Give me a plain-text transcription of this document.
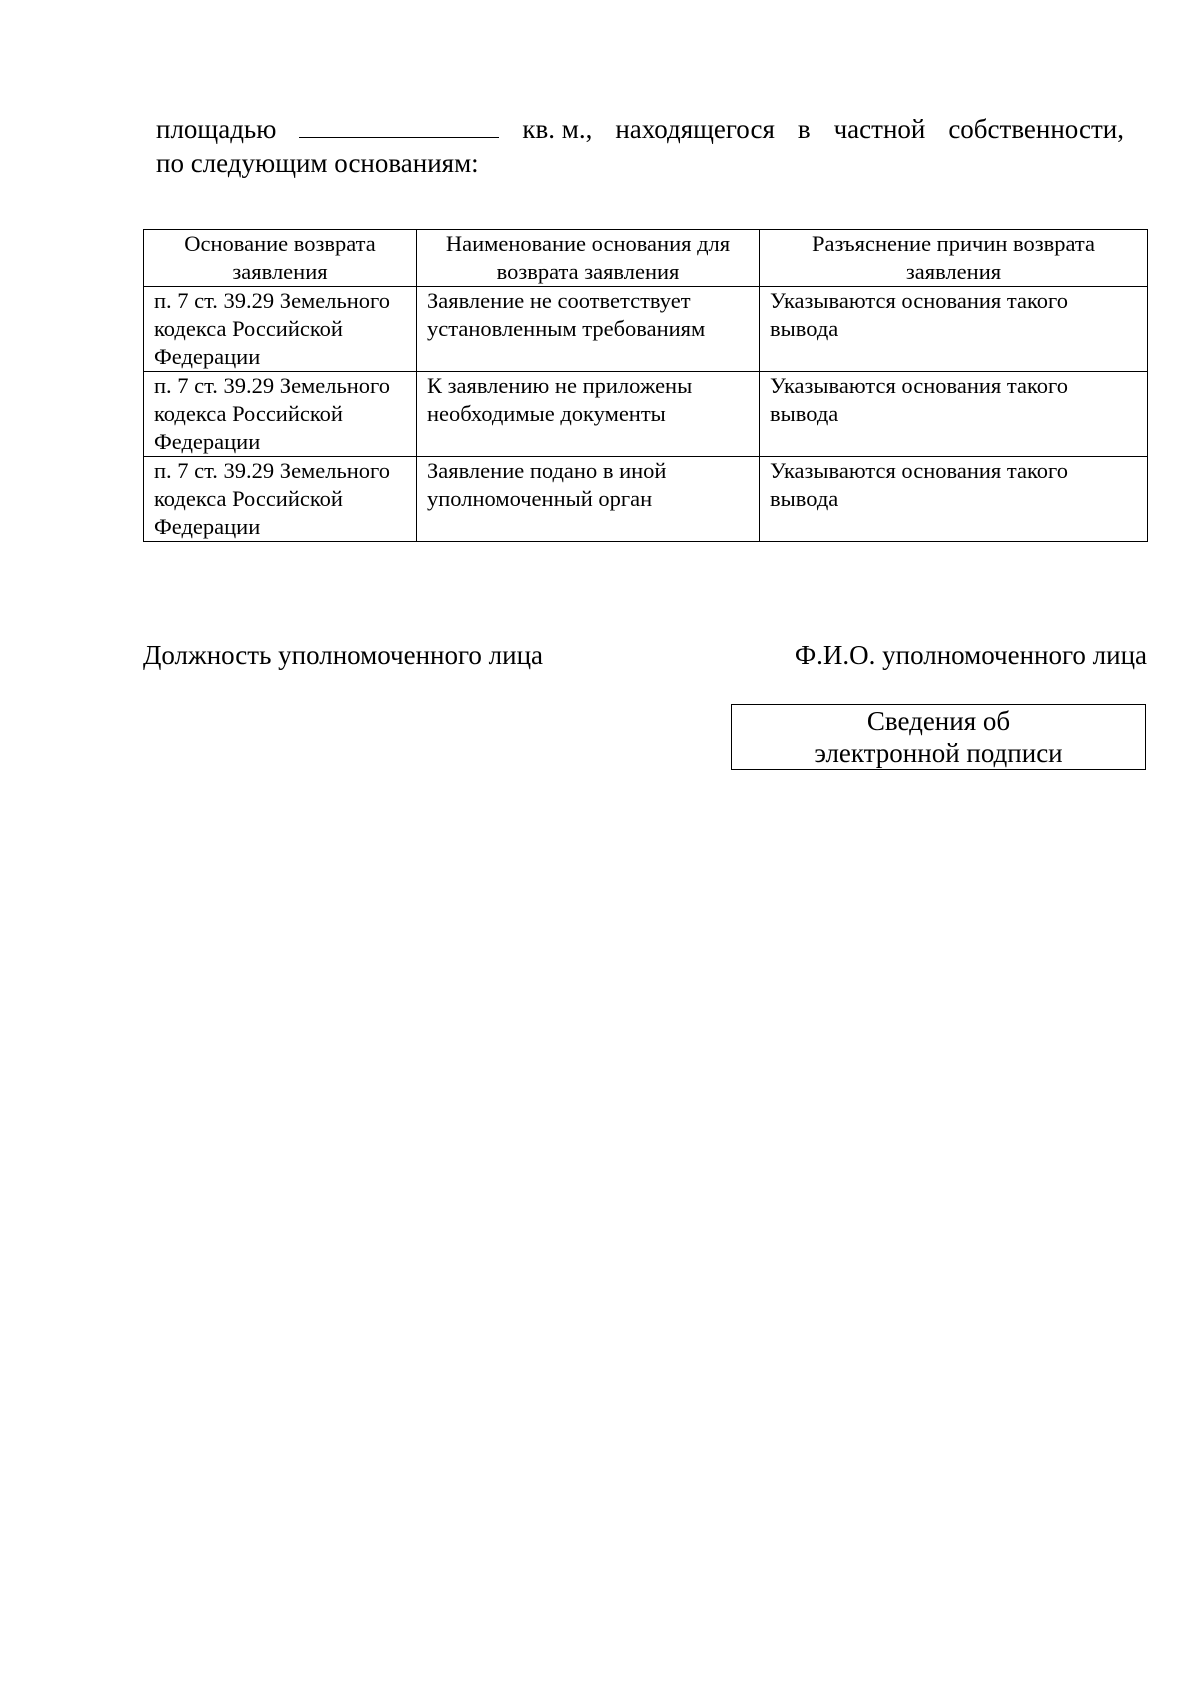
площадью	кв. м., находящегося в частной собственности,
по следующим основаниям:
Основание возврата заявления	Наименование основания для возврата заявления	Разъяснение причин возврата заявления
п. 7 ст. 39.29 Земельного кодекса Российской Федерации	Заявление не соответствует установленным требованиям	Указываются основания такого вывода
п. 7 ст. 39.29 Земельного кодекса Российской Федерации	К заявлению не приложены необходимые документы	Указываются основания такого вывода
п. 7 ст. 39.29 Земельного кодекса Российской Федерации	Заявление подано в иной уполномоченный орган	Указываются основания такого вывода
Должность уполномоченного лица	Ф.И.О. уполномоченного лица
Сведения об
электронной подписи
